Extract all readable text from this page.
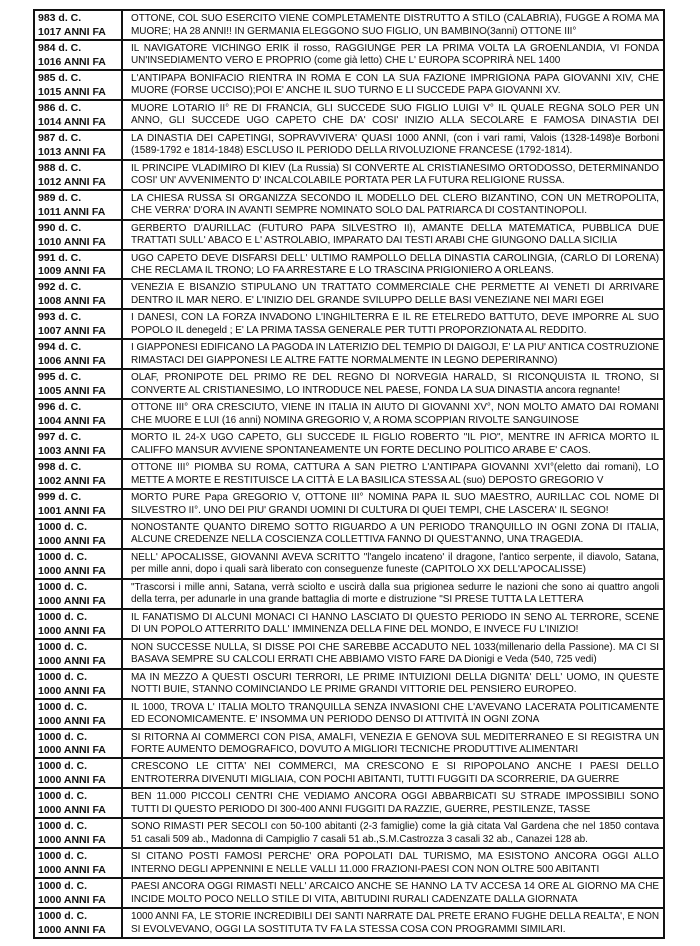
983 d. C.
1017 ANNI FA
OTTONE, COL SUO ESERCITO VIENE COMPLETAMENTE DISTRUTTO A STILO (CALABRIA), FUGGE A ROMA MA MUORE; HA 28 ANNI!! IN GERMANIA ELEGGONO SUO FIGLIO, UN BAMBINO(3anni) OTTONE III°
984 d. C.
1016 ANNI FA
IL NAVIGATORE VICHINGO ERIK il rosso, RAGGIUNGE PER LA PRIMA VOLTA LA GROENLANDIA, VI FONDA UN'INSEDIAMENTO VERO E PROPRIO (come già letto) CHE L' EUROPA SCOPRIRÀ NEL 1400
985 d. C.
1015 ANNI FA
L'ANTIPAPA BONIFACIO RIENTRA IN ROMA E CON LA SUA FAZIONE IMPRIGIONA PAPA GIOVANNI XIV, CHE MUORE (FORSE UCCISO);POI E' ANCHE IL SUO TURNO E LI SUCCEDE PAPA GIOVANNI XV.
986 d. C.
1014 ANNI FA
MUORE LOTARIO II° RE DI FRANCIA, GLI SUCCEDE SUO FIGLIO LUIGI V° IL QUALE REGNA SOLO PER UN ANNO, GLI SUCCEDE UGO CAPETO CHE DA' COSI' INIZIO ALLA SECOLARE E FAMOSA DINASTIA DEI
987 d. C.
1013 ANNI FA
LA DINASTIA DEI CAPETINGI, SOPRAVVIVERA' QUASI 1000 ANNI, (con i vari rami, Valois (1328-1498)e Borboni (1589-1792 e 1814-1848) ESCLUSO IL PERIODO DELLA RIVOLUZIONE FRANCESE (1792-1814).
988 d. C.
1012 ANNI FA
IL PRINCIPE VLADIMIRO DI KIEV (La Russia) SI CONVERTE AL CRISTIANESIMO ORTODOSSO, DETERMINANDO COSI' UN' AVVENIMENTO D' INCALCOLABILE PORTATA PER LA FUTURA RELIGIONE RUSSA.
989 d. C.
1011 ANNI FA
LA CHIESA RUSSA SI ORGANIZZA SECONDO IL MODELLO DEL CLERO BIZANTINO, CON UN METROPOLITA, CHE VERRA' D'ORA IN AVANTI SEMPRE NOMINATO SOLO DAL PATRIARCA DI COSTANTINOPOLI.
990 d. C.
1010 ANNI FA
GERBERTO D'AURILLAC (FUTURO PAPA SILVESTRO II), AMANTE DELLA MATEMATICA, PUBBLICA DUE TRATTATI SULL' ABACO E L' ASTROLABIO, IMPARATO DAI TESTI ARABI CHE GIUNGONO DALLA SICILIA
991 d. C.
1009 ANNI FA
UGO CAPETO DEVE DISFARSI DELL' ULTIMO RAMPOLLO DELLA DINASTIA CAROLINGIA, (CARLO DI LORENA) CHE RECLAMA IL TRONO; LO FA ARRESTARE E LO TRASCINA PRIGIONIERO A ORLEANS.
992 d. C.
1008 ANNI FA
VENEZIA E BISANZIO STIPULANO UN TRATTATO COMMERCIALE CHE PERMETTE AI VENETI DI ARRIVARE DENTRO IL MAR NERO. E' L'INIZIO DEL GRANDE SVILUPPO DELLE BASI VENEZIANE NEI MARI EGEI
993 d. C.
1007 ANNI FA
I DANESI, CON LA FORZA INVADONO L'INGHILTERRA E IL RE ETELREDO BATTUTO, DEVE IMPORRE AL SUO POPOLO IL denegeld ; E' LA PRIMA TASSA GENERALE PER TUTTI PROPORZIONATA AL REDDITO.
994 d. C.
1006 ANNI FA
I GIAPPONESI EDIFICANO LA PAGODA IN LATERIZIO DEL TEMPIO DI DAIGOJI, E' LA PIU' ANTICA COSTRUZIONE RIMASTACI DEI GIAPPONESI LE ALTRE FATTE NORMALMENTE IN LEGNO DEPERIRANNO)
995 d. C.
1005 ANNI FA
OLAF, PRONIPOTE DEL PRIMO RE DEL REGNO DI NORVEGIA HARALD, SI RICONQUISTA IL TRONO, SI CONVERTE AL CRISTIANESIMO, LO INTRODUCE NEL PAESE, FONDA LA SUA DINASTIA ancora regnante!
996 d. C.
1004 ANNI FA
OTTONE III° ORA CRESCIUTO, VIENE IN ITALIA IN AIUTO DI GIOVANNI XV°, NON MOLTO AMATO DAI ROMANI CHE MUORE E LUI (16 anni) NOMINA GREGORIO V, A ROMA SCOPPIAN RIVOLTE SANGUINOSE
997 d. C.
1003 ANNI FA
MORTO IL 24-X UGO CAPETO, GLI SUCCEDE IL FIGLIO ROBERTO "IL PIO", MENTRE IN AFRICA MORTO IL CALIFFO MANSUR AVVIENE SPONTANEAMENTE UN FORTE DECLINO POLITICO ARABE E' CAOS.
998 d. C.
1002 ANNI FA
OTTONE III° PIOMBA SU ROMA, CATTURA A SAN PIETRO L'ANTIPAPA GIOVANNI XVI°(eletto dai romani), LO METTE A MORTE E RESTITUISCE LA CITTÀ E LA BASILICA STESSA AL (suo) DEPOSTO GREGORIO V
999 d. C.
1001 ANNI FA
MORTO PURE Papa GREGORIO V, OTTONE III° NOMINA PAPA IL SUO MAESTRO, AURILLAC COL NOME DI SILVESTRO II°. UNO DEI PIU' GRANDI UOMINI DI CULTURA DI QUEI TEMPI, CHE LASCERA' IL SEGNO!
1000 d. C.
1000 ANNI FA
NONOSTANTE QUANTO DIREMO SOTTO RIGUARDO A UN PERIODO TRANQUILLO IN OGNI ZONA DI ITALIA, ALCUNE CREDENZE NELLA COSCIENZA COLLETTIVA FANNO DI QUEST'ANNO, UNA TRAGEDIA.
1000 d. C.
1000 ANNI FA
NELL' APOCALISSE, GIOVANNI AVEVA SCRITTO "l'angelo incateno' il dragone, l'antico serpente, il diavolo, Satana, per mille anni, dopo i quali sarà liberato con conseguenze funeste (CAPITOLO XX DELL'APOCALISSE)
1000 d. C.
1000 ANNI FA
"Trascorsi i mille anni, Satana, verrà sciolto e uscirà dalla sua prigionea sedurre le nazioni che sono ai quattro angoli della terra, per adunarle in una grande battaglia di morte e distruzione "SI PRESE TUTTA LA LETTERA
1000 d. C.
1000 ANNI FA
IL FANATISMO DI ALCUNI MONACI CI HANNO LASCIATO DI QUESTO PERIODO IN SENO AL TERRORE, SCENE DI UN POPOLO ATTERRITO DALL' IMMINENZA DELLA FINE DEL MONDO, E INVECE FU L'INIZIO!
1000 d. C.
1000 ANNI FA
NON SUCCESSE NULLA, SI DISSE POI CHE SAREBBE ACCADUTO NEL 1033(millenario della Passione). MA CI SI BASAVA SEMPRE SU CALCOLI ERRATI CHE ABBIAMO VISTO FARE DA Dionigi e Veda (540, 725 vedi)
1000 d. C.
1000 ANNI FA
MA IN MEZZO A QUESTI OSCURI TERRORI, LE PRIME INTUIZIONI DELLA DIGNITA' DELL' UOMO, IN QUESTE NOTTI BUIE, STANNO COMINCIANDO LE PRIME GRANDI VITTORIE DEL PENSIERO EUROPEO.
1000 d. C.
1000 ANNI FA
IL 1000, TROVA L' ITALIA MOLTO TRANQUILLA SENZA INVASIONI CHE L'AVEVANO LACERATA POLITICAMENTE ED ECONOMICAMENTE. E' INSOMMA UN PERIODO DENSO DI ATTIVITÀ IN OGNI ZONA
1000 d. C.
1000 ANNI FA
SI RITORNA AI COMMERCI CON PISA, AMALFI, VENEZIA E GENOVA SUL MEDITERRANEO E SI REGISTRA UN FORTE AUMENTO DEMOGRAFICO, DOVUTO A MIGLIORI TECNICHE PRODUTTIVE ALIMENTARI
1000 d. C.
1000 ANNI FA
CRESCONO LE CITTA' NEI COMMERCI, MA CRESCONO E SI RIPOPOLANO ANCHE I PAESI DELLO ENTROTERRA DIVENUTI MIGLIAIA, CON POCHI ABITANTI, TUTTI FUGGITI DA SCORRERIE, DA GUERRE
1000 d. C.
1000 ANNI FA
BEN 11.000 PICCOLI CENTRI CHE VEDIAMO ANCORA OGGI ABBARBICATI SU STRADE IMPOSSIBILI SONO TUTTI DI QUESTO PERIODO DI 300-400 ANNI FUGGITI DA RAZZIE, GUERRE, PESTILENZE, TASSE
1000 d. C.
1000 ANNI FA
SONO RIMASTI PER SECOLI con 50-100 abitanti (2-3 famiglie) come la già citata Val Gardena che nel 1850 contava 51 casali 509 ab., Madonna di Campiglio 7 casali 51 ab.,S.M.Castrozza 3 casali 32 ab., Canazei 128 ab.
1000 d. C.
1000 ANNI FA
SI CITANO POSTI FAMOSI PERCHE' ORA POPOLATI DAL TURISMO, MA ESISTONO ANCORA OGGI ALLO INTERNO DEGLI APPENNINI E NELLE VALLI 11.000 FRAZIONI-PAESI CON NON OLTRE 500 ABITANTI
1000 d. C.
1000 ANNI FA
PAESI ANCORA OGGI RIMASTI NELL' ARCAICO ANCHE SE HANNO LA TV ACCESA 14 ORE AL GIORNO MA CHE INCIDE MOLTO POCO NELLO STILE DI VITA, ABITUDINI RURALI CADENZATE DALLA GIORNATA
1000 d. C.
1000 ANNI FA
1000 ANNI FA, LE STORIE INCREDIBILI DEI SANTI NARRATE DAL PRETE ERANO FUGHE DELLA REALTA', E NON SI EVOLVEVANO, OGGI LA SOSTITUTA TV FA LA STESSA COSA CON PROGRAMMI SIMILARI.
